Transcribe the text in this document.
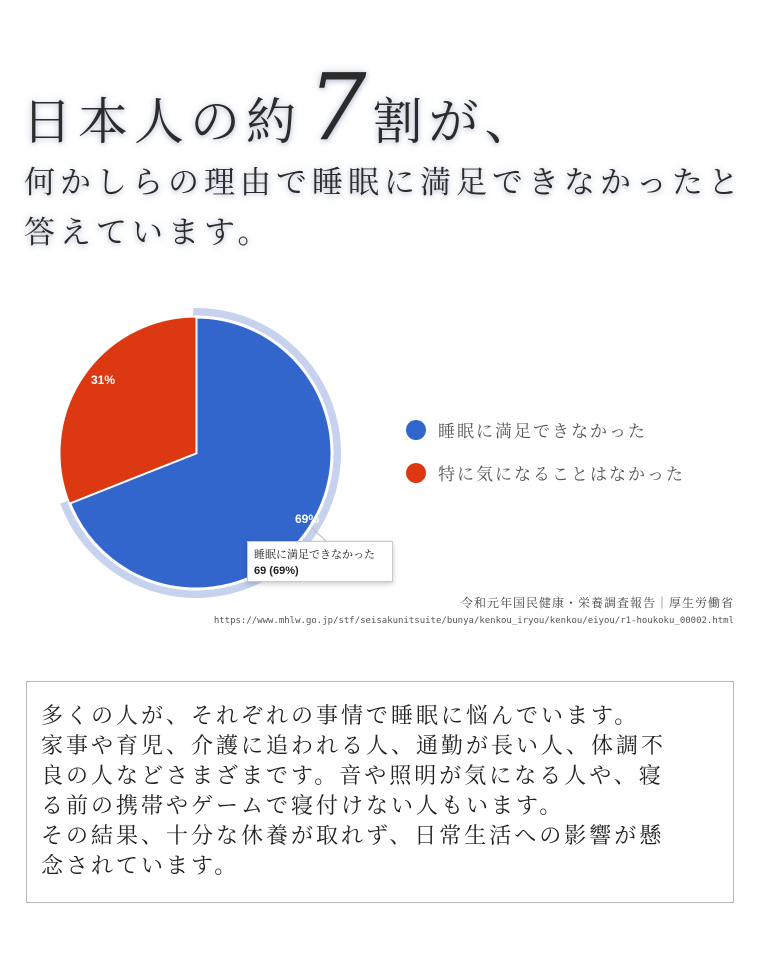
日本人の約7 割が、
何かしらの理由で睡眠に満足できなかったと答えています。
69%
31%
睡眠に満足できなかった
特に気になることはなかった
睡眠に満足できなかった
69 (69%)
令和元年国民健康・栄養調査報告｜厚生労働省
https://www.mhlw.go.jp/stf/seisakunitsuite/bunya/kenkou_iryou/kenkou/eiyou/r1-houkoku_00002.html

多くの人が、それぞれの事情で睡眠に悩んでいます。

家事や育児、介護に追われる人、通勤が長い人、体調不

良の人などさまざまです。音や照明が気になる人や、寝

る前の携帯やゲームで寝付けない人もいます。

その結果、十分な休養が取れず、日常生活への影響が懸

念されています。
